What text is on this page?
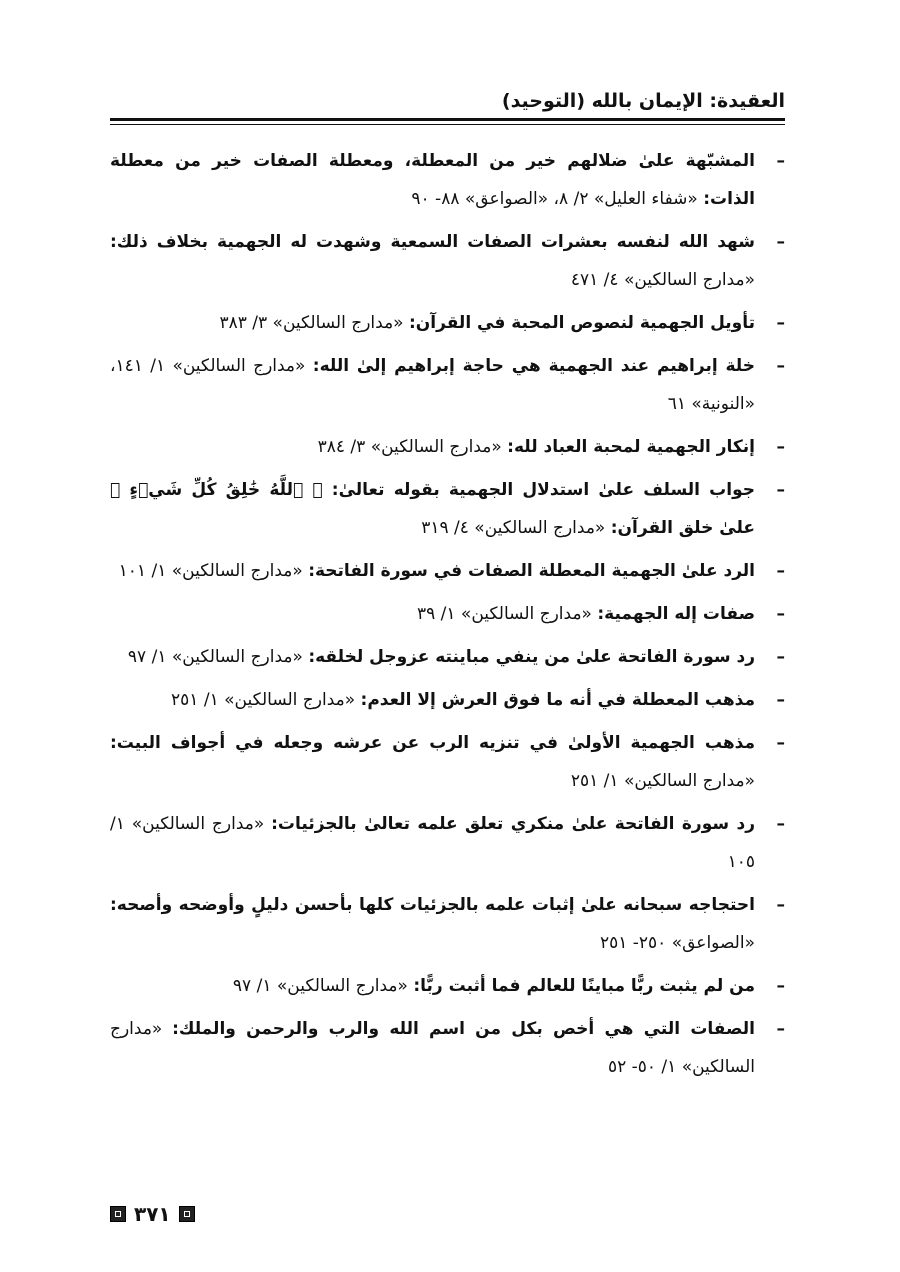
العقيدة: الإيمان بالله (التوحيد)
–
المشبّهة علىٰ ضلالهم خير من المعطلة، ومعطلة الصفات خير من معطلة الذات: «شفاء العليل» ٢/ ٨، «الصواعق» ٨٨- ٩٠
–
شهد الله لنفسه بعشرات الصفات السمعية وشهدت له الجهمية بخلاف ذلك: «مدارج السالكين» ٤/ ٤٧١
–
تأويل الجهمية لنصوص المحبة في القرآن: «مدارج السالكين» ٣/ ٣٨٣
–
خلة إبراهيم عند الجهمية هي حاجة إبراهيم إلىٰ الله: «مدارج السالكين» ١/ ١٤١، «النونية» ٦١
–
إنكار الجهمية لمحبة العباد لله: «مدارج السالكين» ٣/ ٣٨٤
–
جواب السلف علىٰ استدلال الجهمية بقوله تعالىٰ: ﴿ ٱللَّهُ خَٰلِقُ كُلِّ شَيۡءٍ ﴾ علىٰ خلق القرآن: «مدارج السالكين» ٤/ ٣١٩
–
الرد علىٰ الجهمية المعطلة الصفات في سورة الفاتحة: «مدارج السالكين» ١/ ١٠١
–
صفات إله الجهمية: «مدارج السالكين» ١/ ٣٩
–
رد سورة الفاتحة علىٰ من ينفي مباينته عزوجل لخلقه: «مدارج السالكين» ١/ ٩٧
–
مذهب المعطلة في أنه ما فوق العرش إلا العدم: «مدارج السالكين» ١/ ٢٥١
–
مذهب الجهمية الأولىٰ في تنزيه الرب عن عرشه وجعله في أجواف البيت: «مدارج السالكين» ١/ ٢٥١
–
رد سورة الفاتحة علىٰ منكري تعلق علمه تعالىٰ بالجزئيات: «مدارج السالكين» ١/ ١٠٥
–
احتجاجه سبحانه علىٰ إثبات علمه بالجزئيات كلها بأحسن دليلٍ وأوضحه وأصحه: «الصواعق» ٢٥٠- ٢٥١
–
من لم يثبت ربًّا مباينًا للعالم فما أثبت ربًّا: «مدارج السالكين» ١/ ٩٧
–
الصفات التي هي أخص بكل من اسم الله والرب والرحمن والملك: «مدارج السالكين» ١/ ٥٠- ٥٢
٣٧١
